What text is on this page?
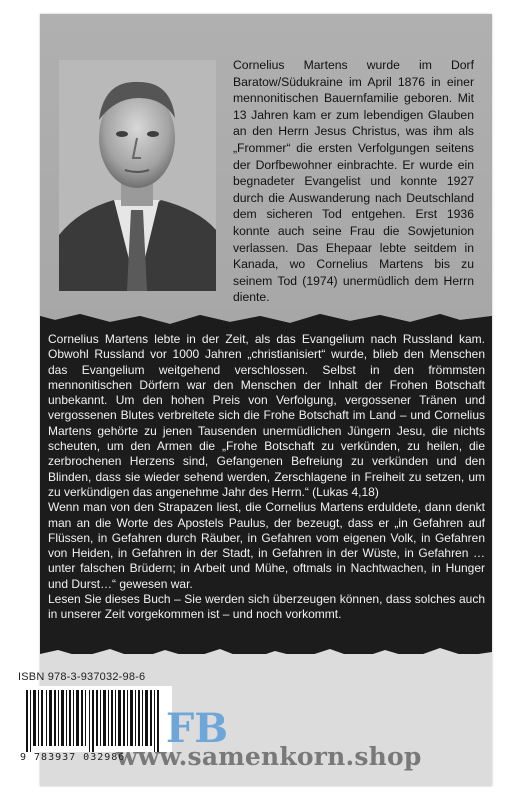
Cornelius Martens wurde im Dorf Baratow/Südukraine im April 1876 in einer mennonitischen Bauernfamilie geboren. Mit 13 Jahren kam er zum lebendigen Glauben an den Herrn Jesus Christus, was ihm als „Frommer“ die ersten Verfolgungen seitens der Dorfbewohner einbrachte. Er wurde ein begnadeter Evangelist und konnte 1927 durch die Auswanderung nach Deutschland dem sicheren Tod entgehen. Erst 1936 konnte auch seine Frau die Sowjetunion verlassen. Das Ehepaar lebte seitdem in Kanada, wo Cornelius Martens bis zu seinem Tod (1974) unermüdlich dem Herrn diente.

Cornelius Martens lebte in der Zeit, als das Evangelium nach Russland kam. Obwohl Russland vor 1000 Jahren „christianisiert“ wurde, blieb den Menschen das Evangelium weitgehend verschlossen. Selbst in den frömmsten mennonitischen Dörfern war den Menschen der Inhalt der Frohen Botschaft unbekannt. Um den hohen Preis von Verfolgung, vergossener Tränen und vergossenen Blutes verbreitete sich die Frohe Botschaft im Land – und Cornelius Martens gehörte zu jenen Tausenden unermüdlichen Jüngern Jesu, die nichts scheuten, um den Armen die „Frohe Botschaft zu verkünden, zu heilen, die zerbrochenen Herzens sind, Gefangenen Befreiung zu verkünden und den Blinden, dass sie wieder sehend werden, Zerschlagene in Freiheit zu setzen, um zu verkündigen das angenehme Jahr des Herrn.“ (Lukas 4,18)

Wenn man von den Strapazen liest, die Cornelius Martens erduldete, dann denkt man an die Worte des Apostels Paulus, der bezeugt, dass er „in Gefahren auf Flüssen, in Gefahren durch Räuber, in Gefahren vom eigenen Volk, in Gefahren von Heiden, in Gefahren in der Stadt, in Gefahren in der Wüste, in Gefahren … unter falschen Brüdern; in Arbeit und Mühe, oftmals in Nachtwachen, in Hunger und Durst…“ gewesen war.

Lesen Sie dieses Buch – Sie werden sich überzeugen können, dass solches auch in unserer Zeit vorgekommen ist – und noch vorkommt.

ISBN 978-3-937032-98-6
9 783937 032986
FB
www.samenkorn.shop
